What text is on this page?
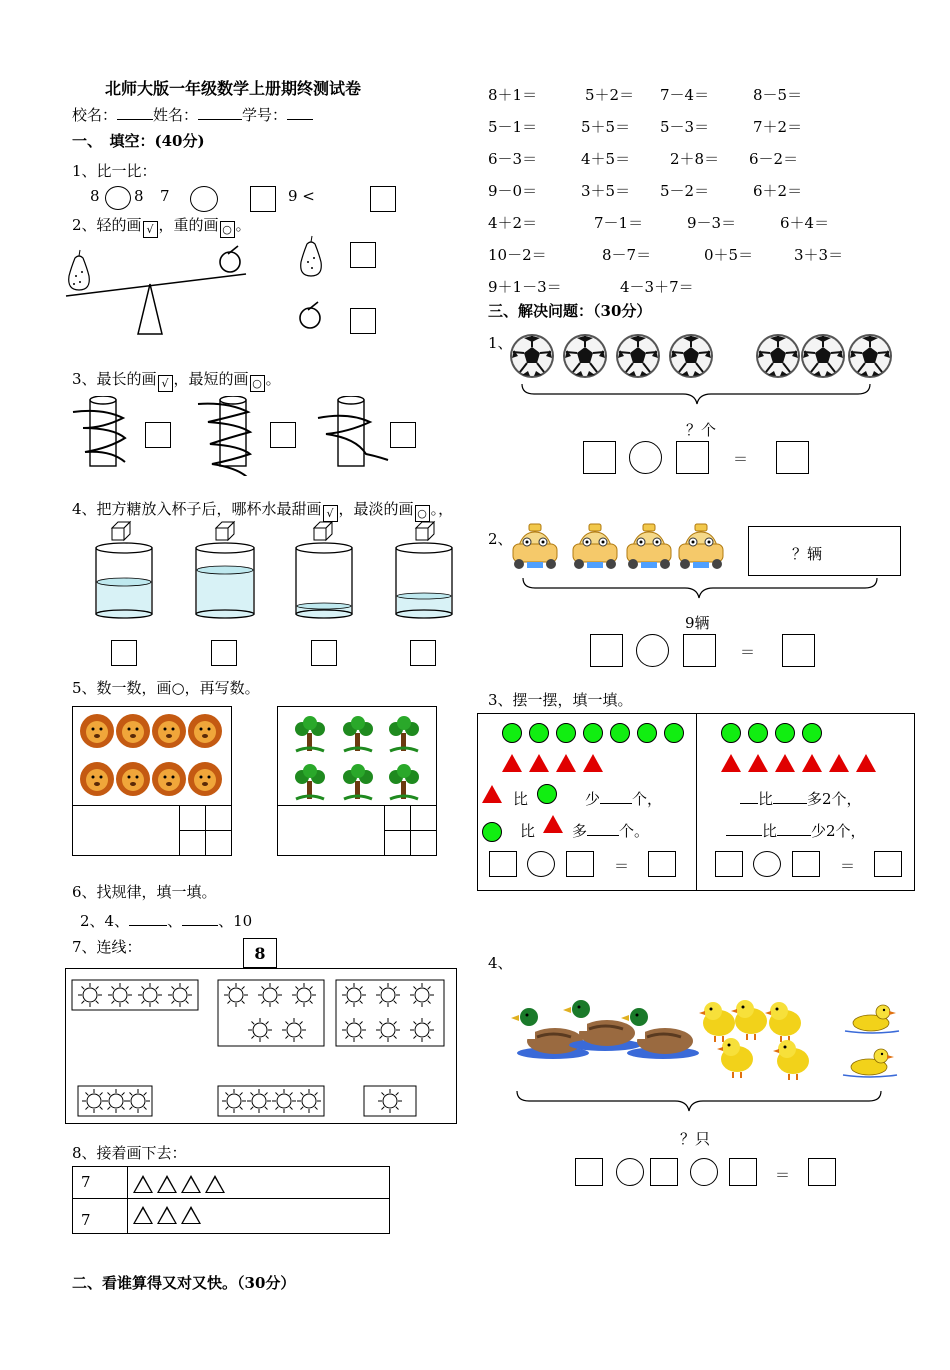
北师大版一年级数学上册期终测试卷
校名： 姓名：	学号：
一、　填空：(40分)
1、比一比：
8 8 7	9 <
2、轻的画 √ ，重的画 ○ 。
3、最长的画 √ ，最短的画 ○ 。
4、把方糖放入杯子后，哪杯水最甜画 √ ，最淡的画 ○ 。，
5、数一数，画○，再写数。
6、找规律，填一填。
2、4、	、 、10
7、连线：	8
8、接着画下去：
7
7
二、看谁算得又对又快。（30分）
8＋1＝	5＋2＝ 7－4＝	8－5＝
5－1＝	5＋5＝ 5－3＝	7＋2＝
6－3＝	4＋5＝	2＋8＝ 6－2＝
9－0＝	3＋5＝ 5－2＝	6＋2＝
4＋2＝	7－1＝	9－3＝	6＋4＝
10－2＝	8－7＝	0＋5＝	3＋3＝
9＋1－3＝	4－3＋7＝
三、解决问题：（30分）
1、
？个
＝
2、
？辆
9辆
＝
3、摆一摆，填一填。
比	少 个，
比 多 个。
＝
比 多2个，
比 少2个，
＝
4、
？只
＝
